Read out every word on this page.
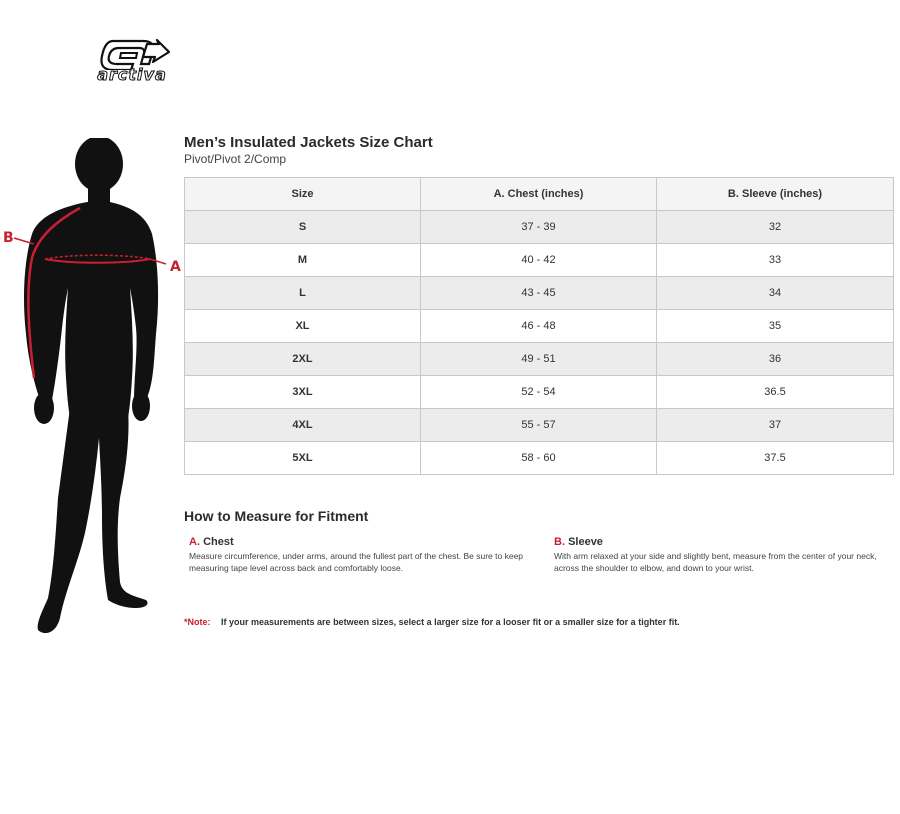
arctiva
B
A
Men’s Insulated Jackets Size Chart

Pivot/Pivot 2/Comp

Size	A. Chest (inches)	B. Sleeve (inches)
S	37 - 39	32
M	40 - 42	33
L	43 - 45	34
XL	46 - 48	35
2XL	49 - 51	36
3XL	52 - 54	36.5
4XL	55 - 57	37
5XL	58 - 60	37.5
How to Measure for Fitment

A. Chest

Measure circumference, under arms, around the fullest part of the chest. Be sure to keep measuring tape level across back and comfortably loose.

B. Sleeve

With arm relaxed at your side and slightly bent, measure from the center of your neck, across the shoulder to elbow, and down to your wrist.

*Note: If your measurements are between sizes, select a larger size for a looser fit or a smaller size for a tighter fit.
